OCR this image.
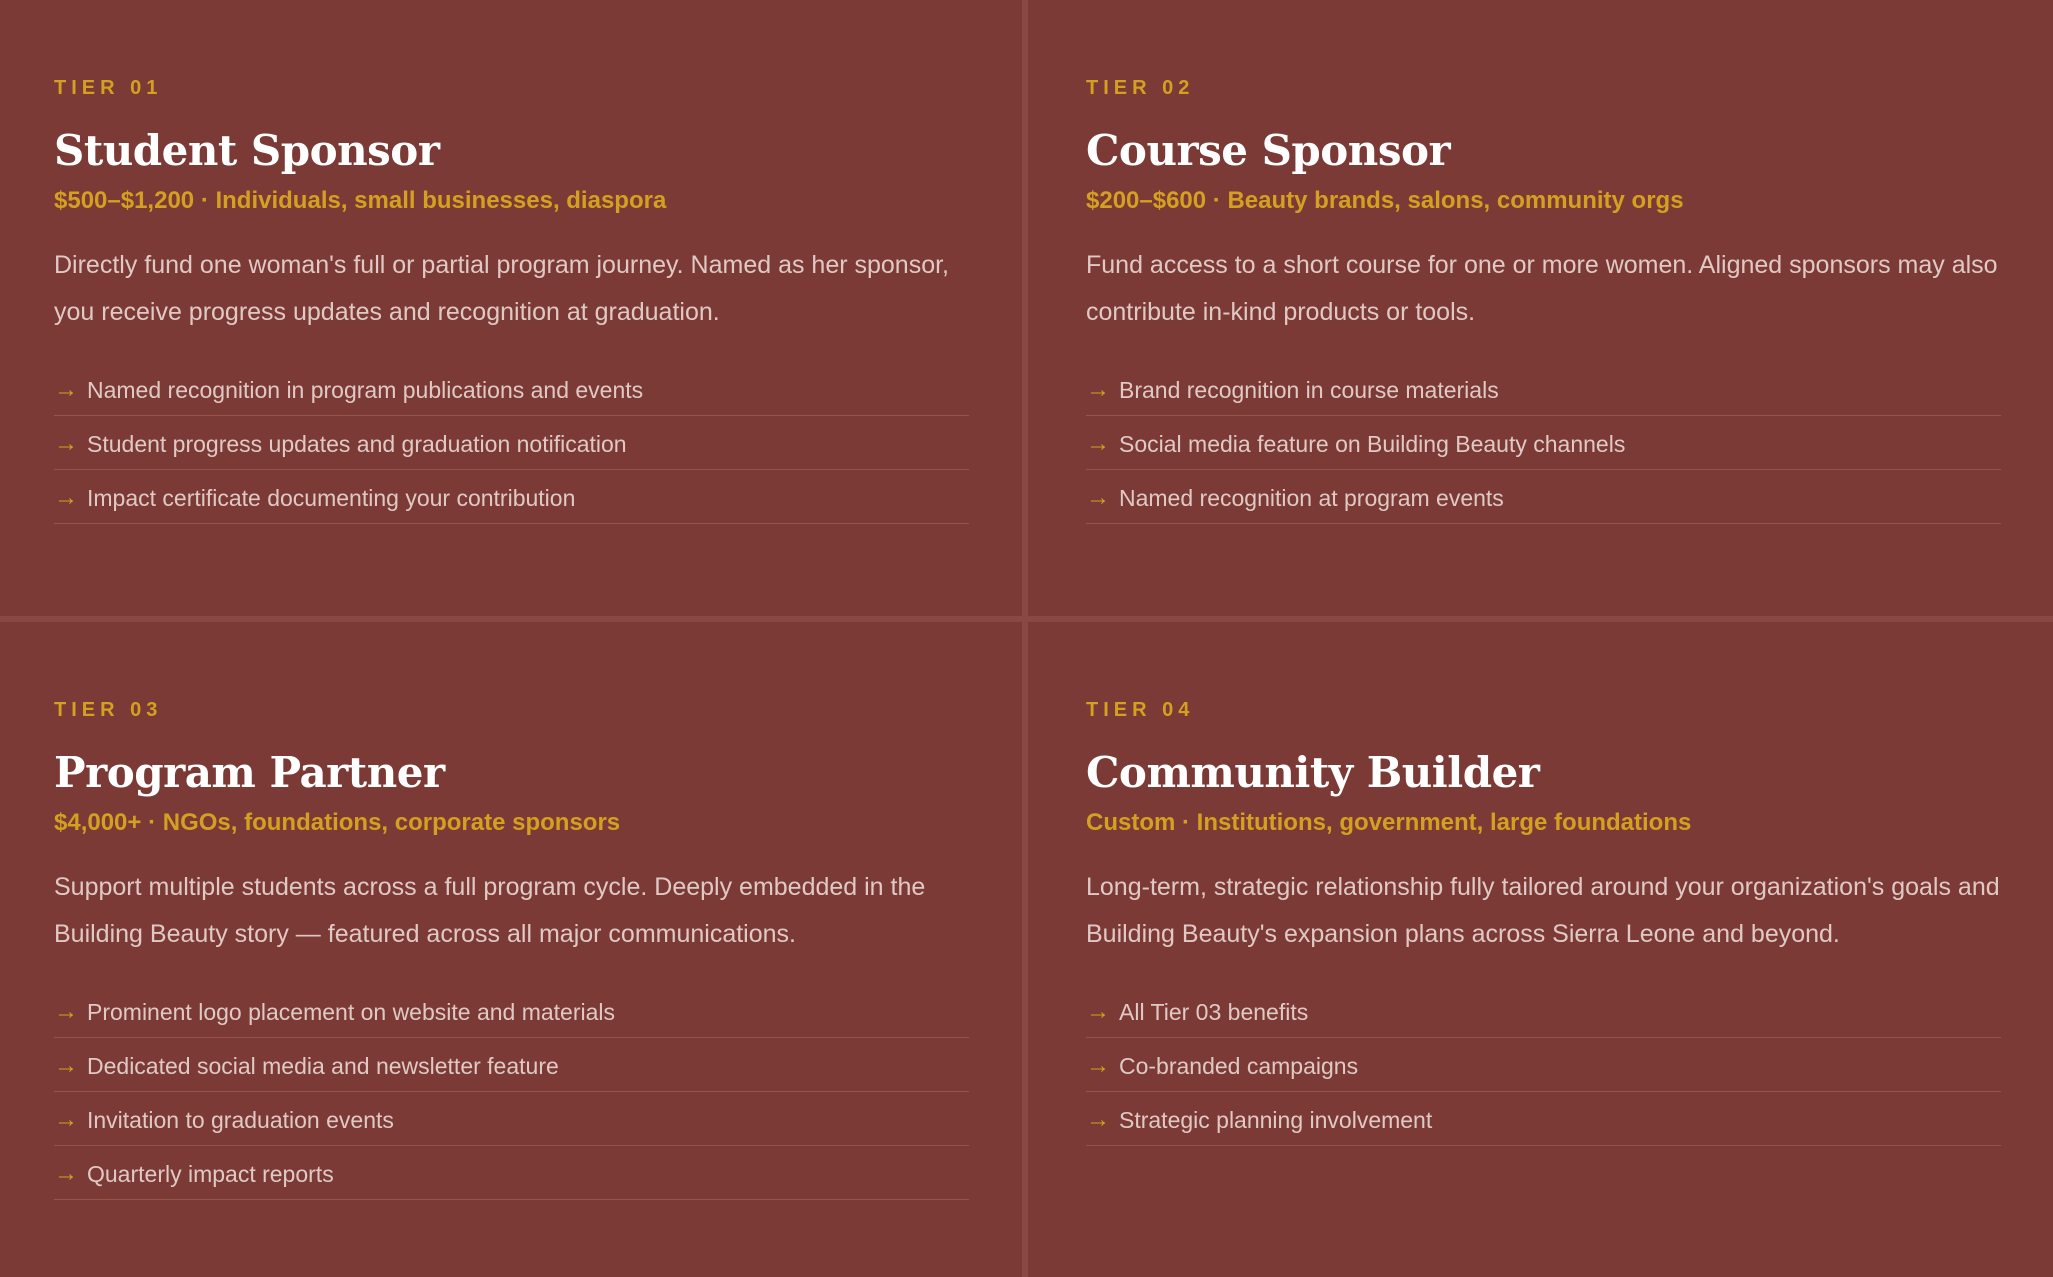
TIER 01

Student Sponsor

$500–$1,200 · Individuals, small businesses, diaspora

Directly fund one woman's full or partial program journey. Named as her sponsor, you receive progress updates and recognition at graduation.

→ Named recognition in program publications and events
→ Student progress updates and graduation notification
→ Impact certificate documenting your contribution

TIER 02

Course Sponsor

$200–$600 · Beauty brands, salons, community orgs

Fund access to a short course for one or more women. Aligned sponsors may also contribute in-kind products or tools.

→ Brand recognition in course materials
→ Social media feature on Building Beauty channels
→ Named recognition at program events

TIER 03

Program Partner

$4,000+ · NGOs, foundations, corporate sponsors

Support multiple students across a full program cycle. Deeply embedded in the Building Beauty story — featured across all major communications.

→ Prominent logo placement on website and materials
→ Dedicated social media and newsletter feature
→ Invitation to graduation events
→ Quarterly impact reports

TIER 04

Community Builder

Custom · Institutions, government, large foundations

Long-term, strategic relationship fully tailored around your organization's goals and Building Beauty's expansion plans across Sierra Leone and beyond.

→ All Tier 03 benefits
→ Co-branded campaigns
→ Strategic planning involvement
